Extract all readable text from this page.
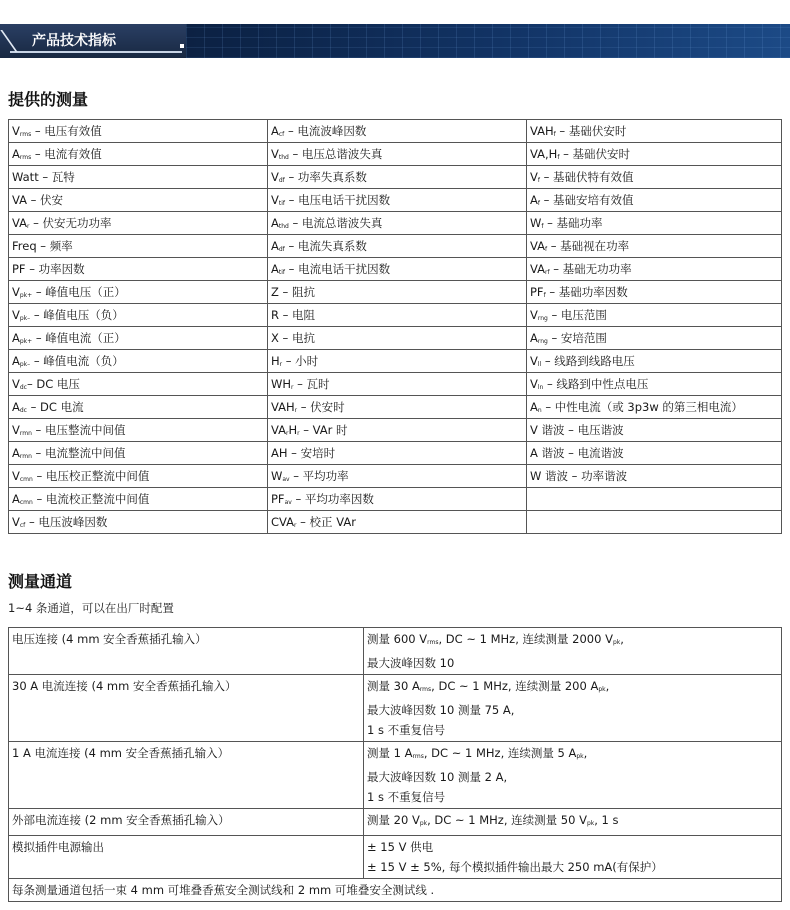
产品技术指标
提供的测量
$V_{rms}$ – 电压有效值	$A_{cf}$ – 电流波峰因数	$VAH_f$ – 基础伏安时
$A_{rms}$ – 电流有效值	$V_{thd}$ – 电压总谐波失真	$VA,H_f$ – 基础伏安时
Watt – 瓦特	$V_{df}$ – 功率失真系数	$V_f$ – 基础伏特有效值
VA – 伏安	$V_{tif}$ – 电压电话干扰因数	$A_f$ – 基础安培有效值
$VA_r$ – 伏安无功功率	$A_{thd}$ – 电流总谐波失真	$W_f$ – 基础功率
Freq – 频率	$A_{df}$ – 电流失真系数	$VA_f$ – 基础视在功率
PF – 功率因数	$A_{tif}$ – 电流电话干扰因数	$VA_{rf}$ – 基础无功功率
$V_{pk+}$ – 峰值电压（正）	Z – 阻抗	$PF_f$ – 基础功率因数
$V_{pk-}$ – 峰值电压（负）	R – 电阻	$V_{rng}$ – 电压范围
$A_{pk+}$ – 峰值电流（正）	X – 电抗	$A_{rng}$ – 安培范围
$A_{pk-}$ – 峰值电流（负）	$H_r$ – 小时	$V_{ll}$ – 线路到线路电压
$V_{dc}-$ DC 电压	$WH_r$ – 瓦时	$V_{ln}$ – 线路到中性点电压
$A_{dc}$ – DC 电流	$VAH_r$ – 伏安时	$A_n$ – 中性电流（或 3p3w 的第三相电流）
$V_{rmn}$ – 电压整流中间值	$VA_rH_r$ – VAr 时	V 谐波 – 电压谐波
$A_{rmn}$ – 电流整流中间值	AH – 安培时	A 谐波 – 电流谐波
$V_{cmn}$ – 电压校正整流中间值	$W_{av}$ – 平均功率	W 谐波 – 功率谐波
$A_{cmn}$ – 电流校正整流中间值	$PF_{av}$ – 平均功率因数	
$V_{cf}$ – 电压波峰因数	$CVA_r$ – 校正 VAr	
测量通道
1~4 条通道，可以在出厂时配置
电压连接 (4 mm 安全香蕉插孔输入）	测量 600 $V_{rms}$, DC ~ 1 MHz, 连续测量 2000 $V_{pk}$,
最大波峰因数 10

30 A 电流连接 (4 mm 安全香蕉插孔输入）	测量 30 $A_{rms}$, DC ~ 1 MHz, 连续测量 200 $A_{pk}$,
最大波峰因数 10 测量 75 A,
1 s 不重复信号

1 A 电流连接 (4 mm 安全香蕉插孔输入）	测量 1 $A_{rms}$, DC ~ 1 MHz, 连续测量 5 $A_{pk}$,
最大波峰因数 10 测量 2 A,
1 s 不重复信号

外部电流连接 (2 mm 安全香蕉插孔输入）	测量 20 $V_{pk}$, DC ~ 1 MHz, 连续测量 50 $V_{pk}$, 1 s

模拟插件电源输出	± 15 V 供电
± 15 V ± 5%, 每个模拟插件输出最大 250 mA(有保护）

每条测量通道包括一束 4 mm 可堆叠香蕉安全测试线和 2 mm 可堆叠安全测试线 .	
